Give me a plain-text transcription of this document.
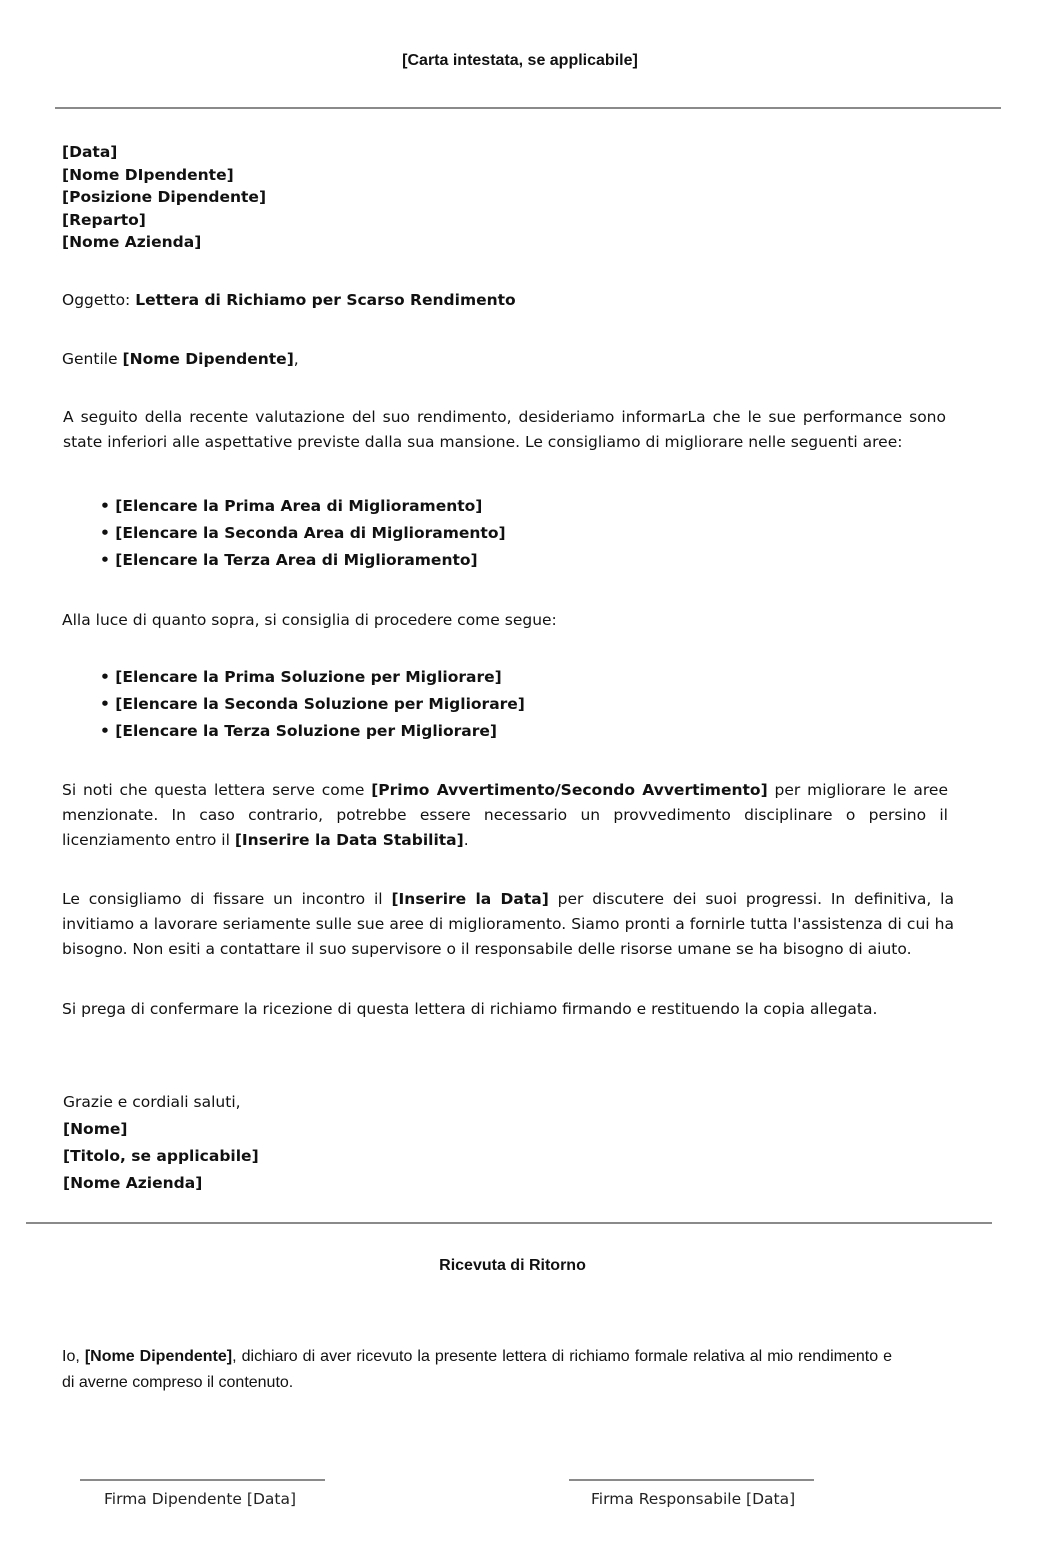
[Carta intestata, se applicabile]
[Data]
[Nome DIpendente]
[Posizione Dipendente]
[Reparto]
[Nome Azienda]
Oggetto: Lettera di Richiamo per Scarso Rendimento
Gentile [Nome Dipendente],
A seguito della recente valutazione del suo rendimento, desideriamo informarLa che le sue performance sono state inferiori alle aspettative previste dalla sua mansione. Le consigliamo di migliorare nelle seguenti aree:
• [Elencare la Prima Area di Miglioramento]
• [Elencare la Seconda Area di Miglioramento]
• [Elencare la Terza Area di Miglioramento]
Alla luce di quanto sopra, si consiglia di procedere come segue:
• [Elencare la Prima Soluzione per Migliorare]
• [Elencare la Seconda Soluzione per Migliorare]
• [Elencare la Terza Soluzione per Migliorare]
Si noti che questa lettera serve come [Primo Avvertimento/Secondo Avvertimento] per migliorare le aree menzionate. In caso contrario, potrebbe essere necessario un provvedimento disciplinare o persino il licenziamento entro il [Inserire la Data Stabilita].
Le consigliamo di fissare un incontro il [Inserire la Data] per discutere dei suoi progressi. In definitiva, la invitiamo a lavorare seriamente sulle sue aree di miglioramento. Siamo pronti a fornirle tutta l'assistenza di cui ha bisogno. Non esiti a contattare il suo supervisore o il responsabile delle risorse umane se ha bisogno di aiuto.
Si prega di confermare la ricezione di questa lettera di richiamo firmando e restituendo la copia allegata.
Grazie e cordiali saluti,
[Nome]
[Titolo, se applicabile]
[Nome Azienda]
Ricevuta di Ritorno
Io, [Nome Dipendente], dichiaro di aver ricevuto la presente lettera di richiamo formale relativa al mio rendimento e di averne compreso il contenuto.
Firma Dipendente [Data]	Firma Responsabile [Data]
